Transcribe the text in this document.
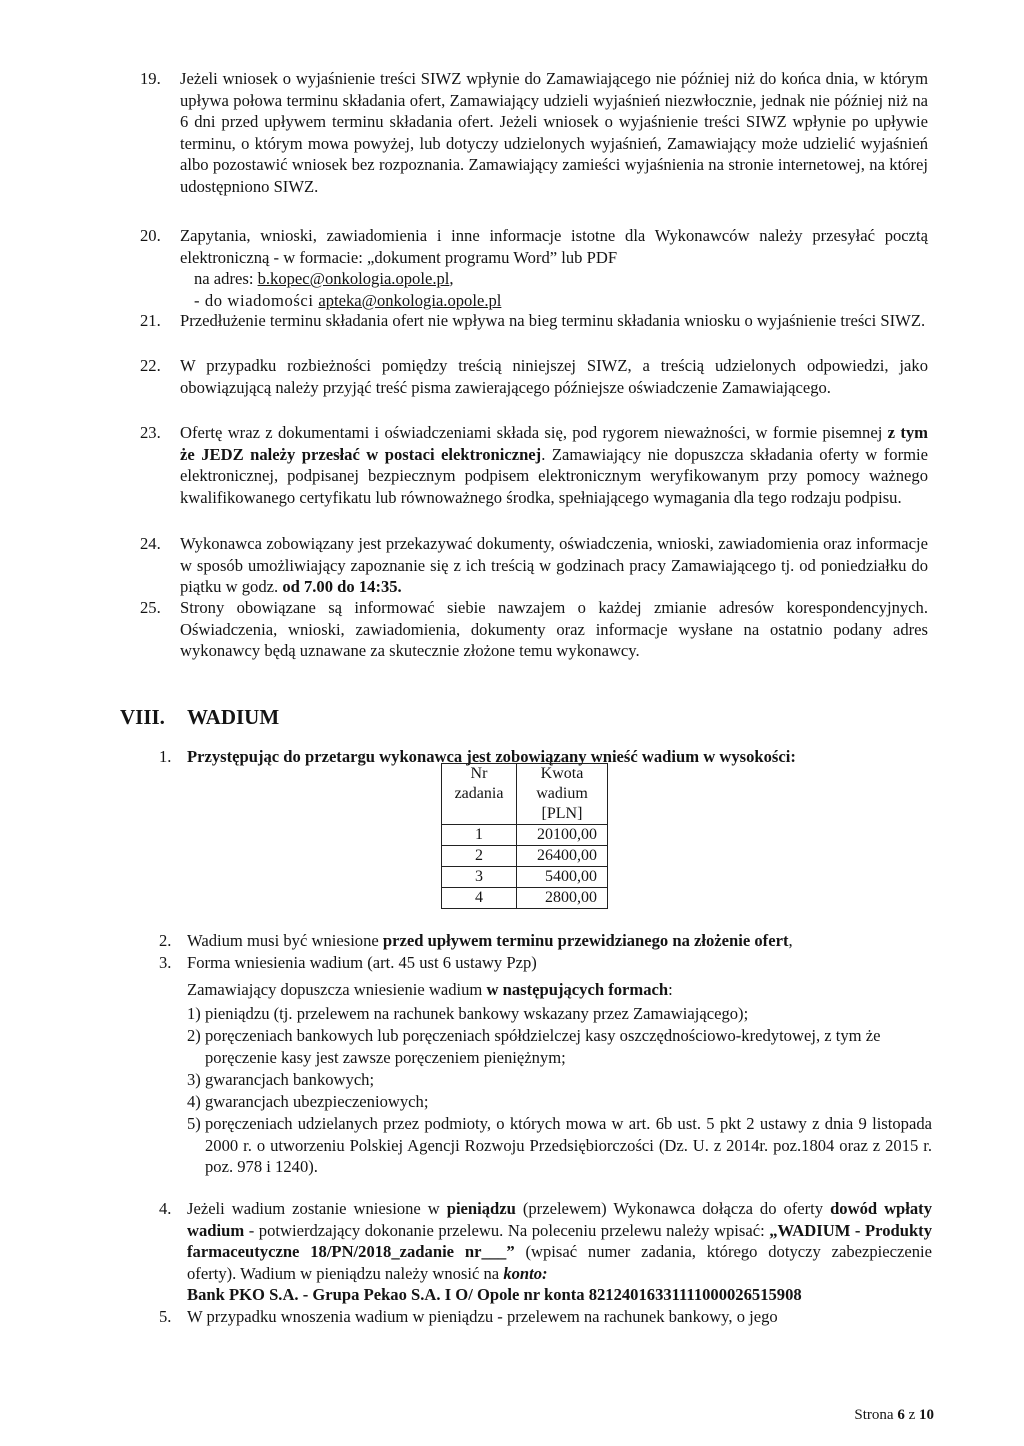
19. Jeżeli wniosek o wyjaśnienie treści SIWZ wpłynie do Zamawiającego nie później niż do końca dnia, w którym upływa połowa terminu składania ofert, Zamawiający udzieli wyjaśnień niezwłocznie, jednak nie później niż na 6 dni przed upływem terminu składania ofert. Jeżeli wniosek o wyjaśnienie treści SIWZ wpłynie po upływie terminu, o którym mowa powyżej, lub dotyczy udzielonych wyjaśnień, Zamawiający może udzielić wyjaśnień albo pozostawić wniosek bez rozpoznania. Zamawiający zamieści wyjaśnienia na stronie internetowej, na której udostępniono SIWZ.

20. Zapytania, wnioski, zawiadomienia i inne informacje istotne dla Wykonawców należy przesyłać pocztą elektroniczną - w formacie: „dokument programu Word” lub PDF

na adres: b.kopec@onkologia.opole.pl,
- do wiadomości apteka@onkologia.opole.pl
21. Przedłużenie terminu składania ofert nie wpływa na bieg terminu składania wniosku o wyjaśnienie treści SIWZ.

22. W przypadku rozbieżności pomiędzy treścią niniejszej SIWZ, a treścią udzielonych odpowiedzi, jako obowiązującą należy przyjąć treść pisma zawierającego późniejsze oświadczenie Zamawiającego.

23. Ofertę wraz z dokumentami i oświadczeniami składa się, pod rygorem nieważności, w formie pisemnej z tym że JEDZ należy przesłać w postaci elektronicznej. Zamawiający nie dopuszcza składania oferty w formie elektronicznej, podpisanej bezpiecznym podpisem elektronicznym weryfikowanym przy pomocy ważnego kwalifikowanego certyfikatu lub równoważnego środka, spełniającego wymagania dla tego rodzaju podpisu.

24. Wykonawca zobowiązany jest przekazywać dokumenty, oświadczenia, wnioski, zawiadomienia oraz informacje w sposób umożliwiający zapoznanie się z ich treścią w godzinach pracy Zamawiającego tj. od poniedziałku do piątku w godz. od 7.00 do 14:35.

25. Strony obowiązane są informować siebie nawzajem o każdej zmianie adresów korespondencyjnych. Oświadczenia, wnioski, zawiadomienia, dokumenty oraz informacje wysłane na ostatnio podany adres wykonawcy będą uznawane za skutecznie złożone temu wykonawcy.

VIII. WADIUM
1. Przystępując do przetargu wykonawca jest zobowiązany wnieść wadium w wysokości:
Nr zadania	Kwota wadium [PLN]
1	20100,00
2	26400,00
3	5400,00
4	2800,00
2. Wadium musi być wniesione przed upływem terminu przewidzianego na złożenie ofert,
3. Forma wniesienia wadium (art. 45 ust 6 ustawy Pzp)
Zamawiający dopuszcza wniesienie wadium w następujących formach:
1) pieniądzu (tj. przelewem na rachunek bankowy wskazany przez Zamawiającego);
2) poręczeniach bankowych lub poręczeniach spółdzielczej kasy oszczędnościowo-kredytowej, z tym że poręczenie kasy jest zawsze poręczeniem pieniężnym;
3) gwarancjach bankowych;
4) gwarancjach ubezpieczeniowych;
5) poręczeniach udzielanych przez podmioty, o których mowa w art. 6b ust. 5 pkt 2 ustawy z dnia 9 listopada 2000 r. o utworzeniu Polskiej Agencji Rozwoju Przedsiębiorczości (Dz. U. z 2014r. poz.1804 oraz z 2015 r. poz. 978 i 1240).
4. Jeżeli wadium zostanie wniesione w pieniądzu (przelewem) Wykonawca dołącza do oferty dowód wpłaty wadium - potwierdzający dokonanie przelewu. Na poleceniu przelewu należy wpisać: „WADIUM - Produkty farmaceutyczne 18/PN/2018_zadanie nr___” (wpisać numer zadania, którego dotyczy zabezpieczenie oferty). Wadium w pieniądzu należy wnosić na konto:
Bank PKO S.A. - Grupa Pekao S.A. I O/ Opole nr konta 82124016331111000026515908

5. W przypadku wnoszenia wadium w pieniądzu - przelewem na rachunek bankowy, o jego

Strona 6 z 10
